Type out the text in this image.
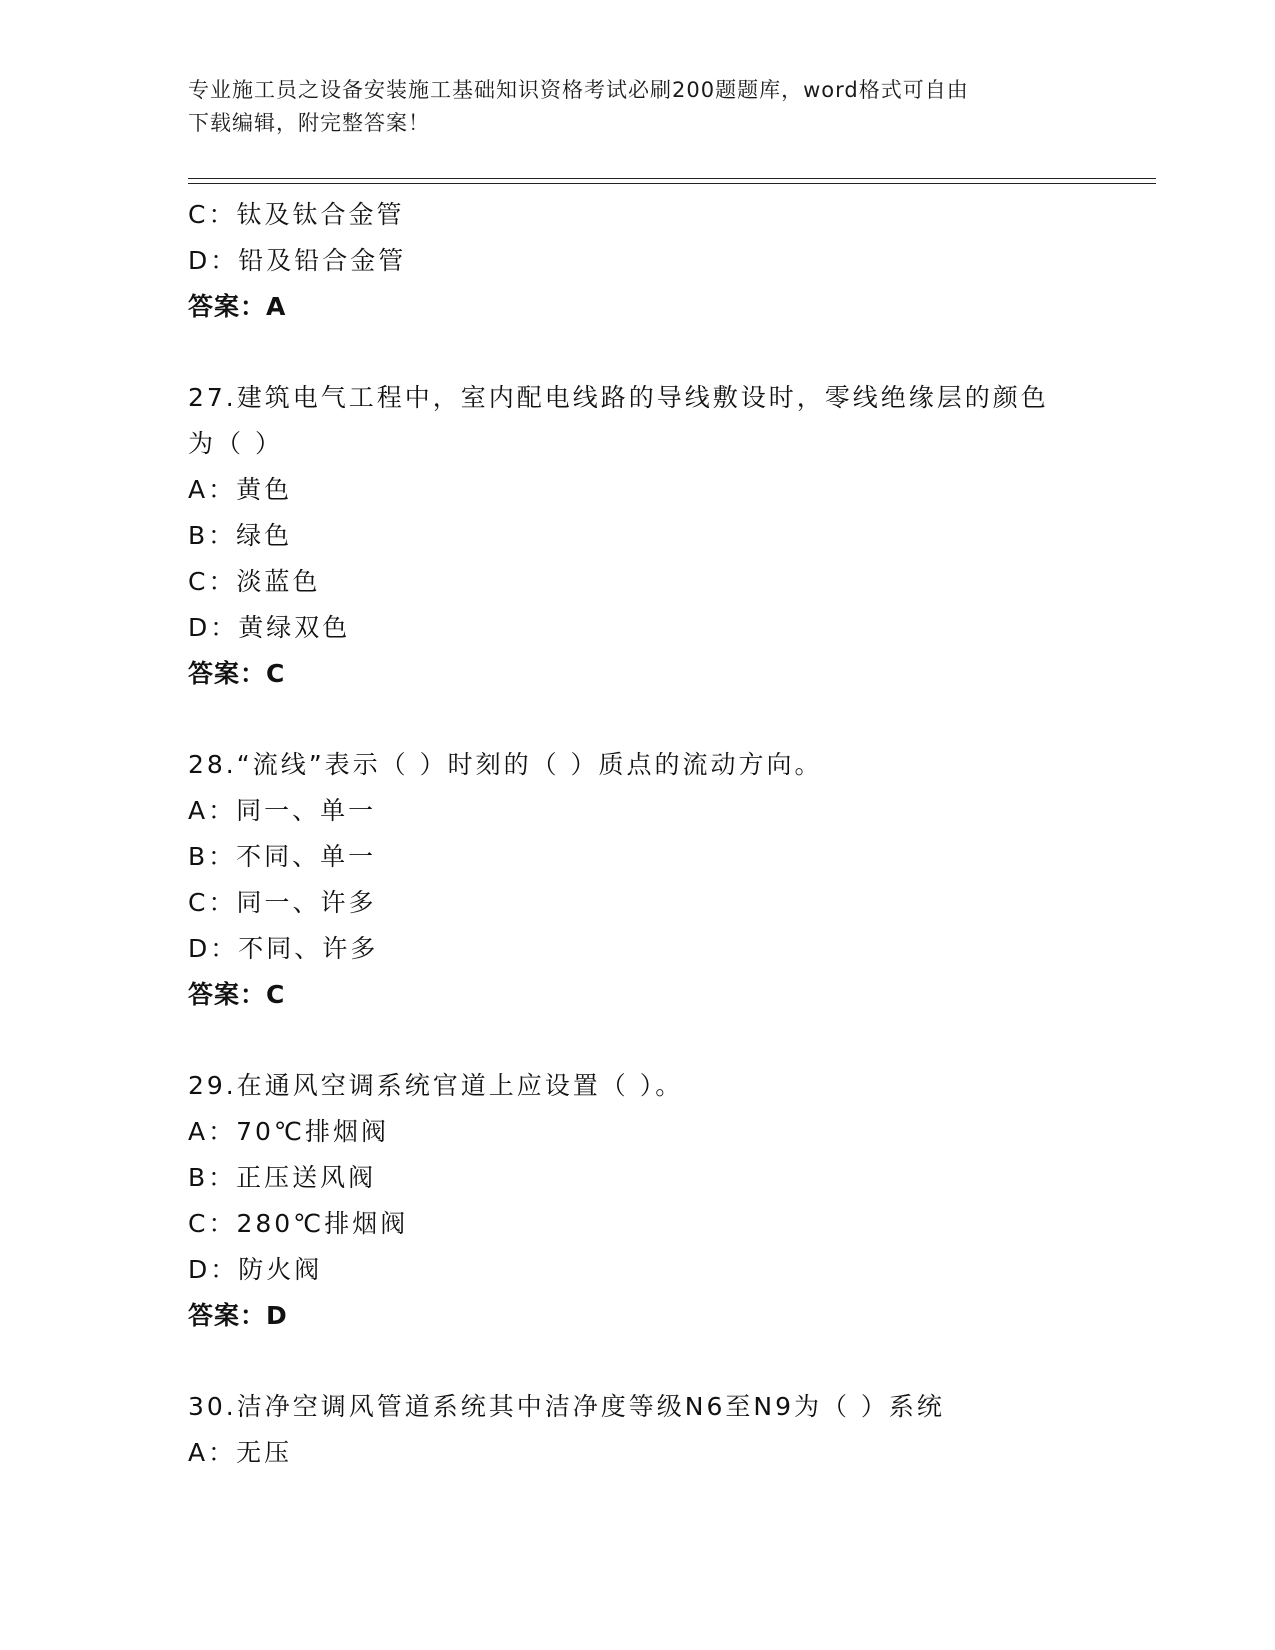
专业施工员之设备安装施工基础知识资格考试必刷200题题库，word格式可自由
下载编辑，附完整答案！
C：钛及钛合金管
D：铅及铅合金管
答案：A
27.建筑电气工程中，室内配电线路的导线敷设时，零线绝缘层的颜色
为（ ）
A：黄色
B：绿色
C：淡蓝色
D：黄绿双色
答案：C
28.“流线”表示（ ）时刻的（ ）质点的流动方向。
A：同一、单一
B：不同、单一
C：同一、许多
D：不同、许多
答案：C
29.在通风空调系统官道上应设置（ ）。
A：70℃排烟阀
B：正压送风阀
C：280℃排烟阀
D：防火阀
答案：D
30.洁净空调风管道系统其中洁净度等级N6至N9为（ ）系统
A：无压
